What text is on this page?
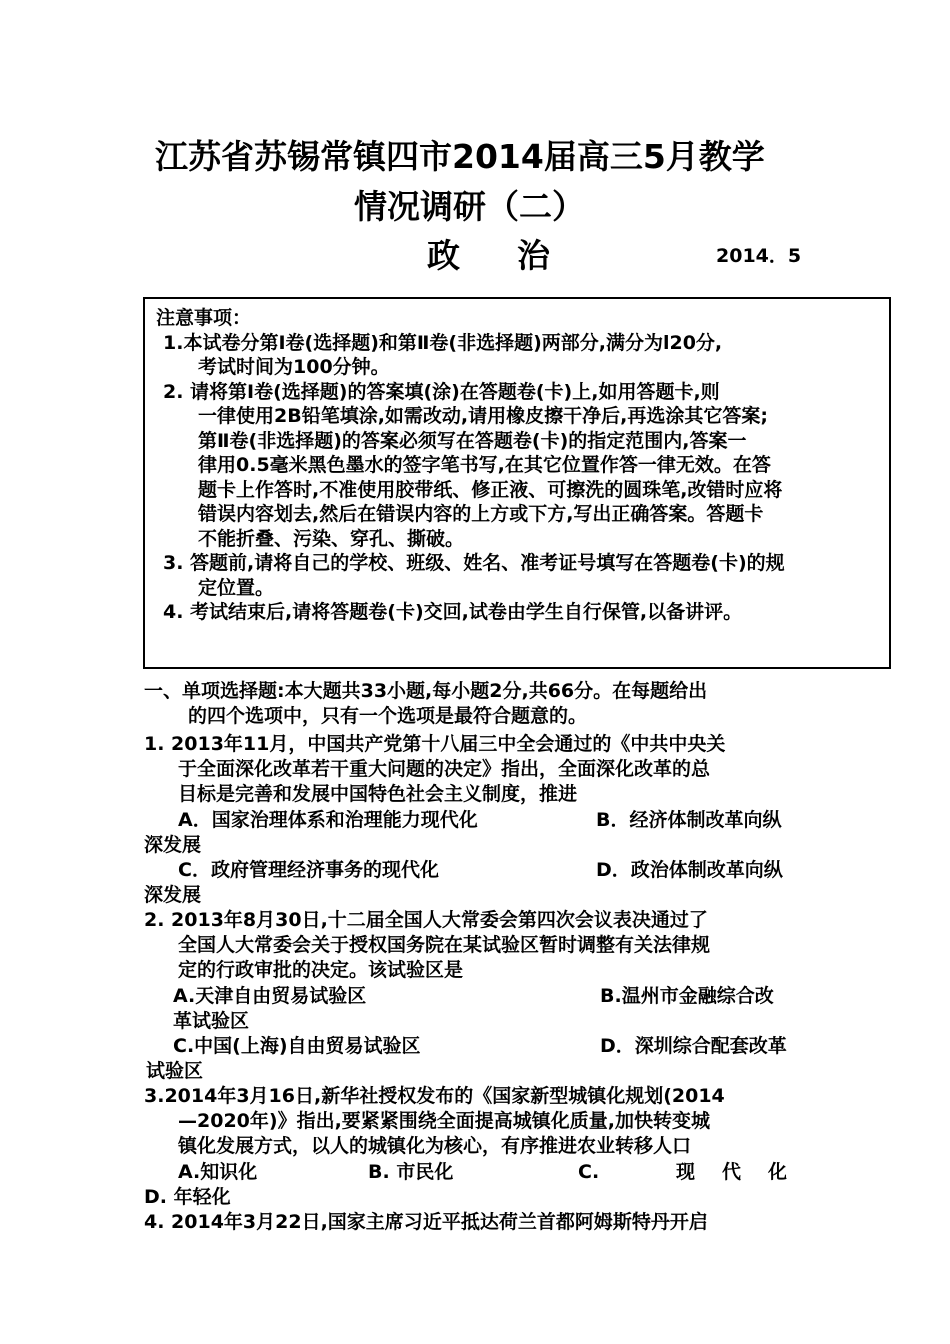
江苏省苏锡常镇四市2014届高三5月教学
情况调研（二）
政　治	2014．5
注意事项：
1.本试卷分第Ⅰ卷(选择题)和第Ⅱ卷(非选择题)两部分,满分为l20分,
考试时间为100分钟。
2. 请将第Ⅰ卷(选择题)的答案填(涂)在答题卷(卡)上,如用答题卡,则
一律使用2B铅笔填涂,如需改动,请用橡皮擦干净后,再选涂其它答案;
第Ⅱ卷(非选择题)的答案必须写在答题卷(卡)的指定范围内,答案一
律用0.5毫米黑色墨水的签字笔书写,在其它位置作答一律无效。在答
题卡上作答时,不准使用胶带纸、修正液、可擦洗的圆珠笔,改错时应将
错误内容划去,然后在错误内容的上方或下方,写出正确答案。答题卡
不能折叠、污染、穿孔、撕破。
3. 答题前,请将自己的学校、班级、姓名、准考证号填写在答题卷(卡)的规
定位置。
4. 考试结束后,请将答题卷(卡)交回,试卷由学生自行保管,以备讲评。
一、单项选择题:本大题共33小题,每小题2分,共66分。在每题给出
的四个选项中，只有一个选项是最符合题意的。
1. 2013年11月，中国共产党第十八届三中全会通过的《中共中央关
于全面深化改革若干重大问题的决定》指出，全面深化改革的总
目标是完善和发展中国特色社会主义制度，推进
A．国家治理体系和治理能力现代化	B．经济体制改革向纵
深发展
C．政府管理经济事务的现代化	D．政治体制改革向纵
深发展
2. 2013年8月30日,十二届全国人大常委会第四次会议表决通过了
全国人大常委会关于授权国务院在某试验区暂时调整有关法律规
定的行政审批的决定。该试验区是
A.天津自由贸易试验区	B.温州市金融综合改
革试验区
C.中国(上海)自由贸易试验区	D．深圳综合配套改革
试验区
3.2014年3月16日,新华社授权发布的《国家新型城镇化规划(2014
—2020年)》指出,要紧紧围绕全面提高城镇化质量,加快转变城
镇化发展方式，以人的城镇化为核心，有序推进农业转移人口
A.知识化	B. 市民化	C.	现　代　化
D. 年轻化
4. 2014年3月22日,国家主席习近平抵达荷兰首都阿姆斯特丹开启
